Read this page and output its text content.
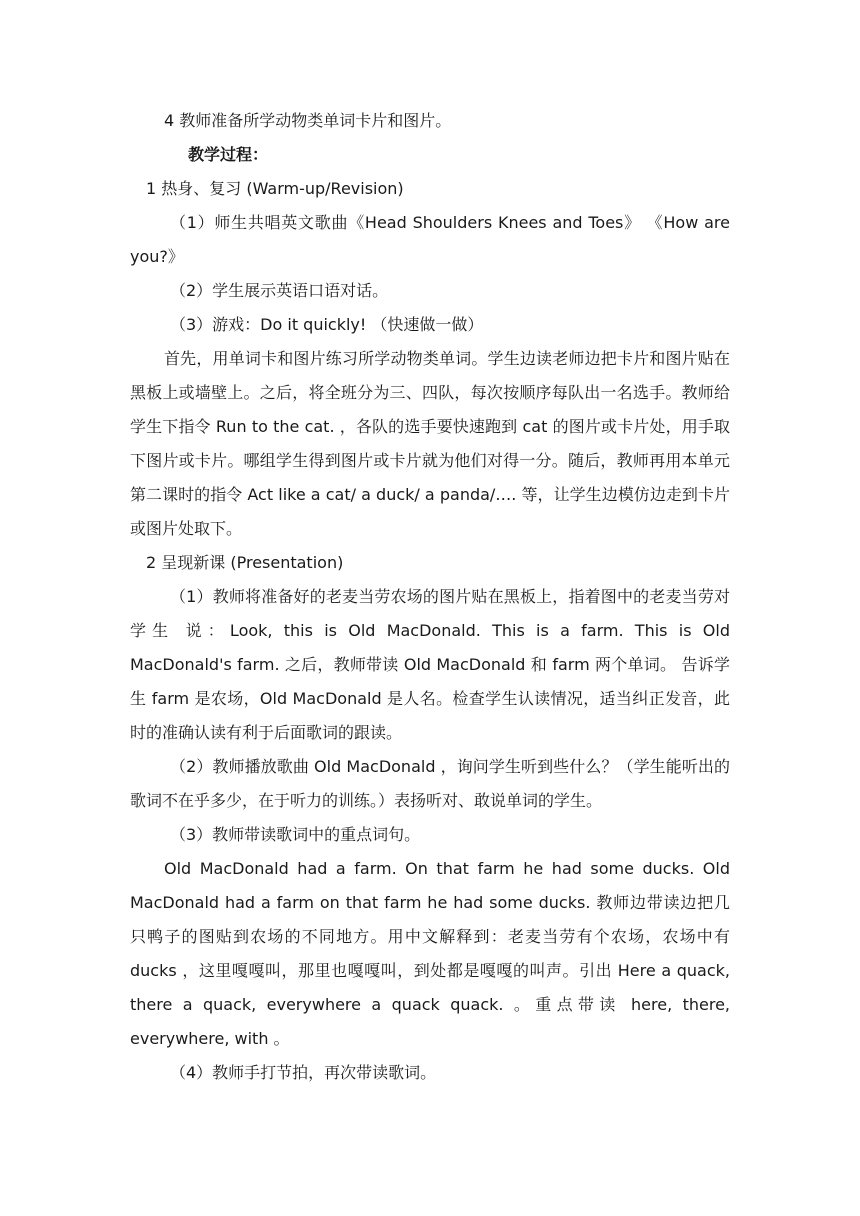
4 教师准备所学动物类单词卡片和图片。

教学过程：

1 热身、复习 (Warm-up/Revision)

（1）师生共唱英文歌曲《Head Shoulders Knees and Toes》 《How are you?》

（2）学生展示英语口语对话。

（3）游戏：Do it quickly! （快速做一做）

首先，用单词卡和图片练习所学动物类单词。学生边读老师边把卡片和图片贴在黑板上或墙壁上。之后，将全班分为三、四队，每次按顺序每队出一名选手。教师给学生下指令 Run to the cat. ，各队的选手要快速跑到 cat 的图片或卡片处，用手取下图片或卡片。哪组学生得到图片或卡片就为他们对得一分。随后，教师再用本单元第二课时的指令 Act like a cat/ a duck/ a panda/…. 等，让学生边模仿边走到卡片或图片处取下。

2 呈现新课 (Presentation)

（1）教师将准备好的老麦当劳农场的图片贴在黑板上，指着图中的老麦当劳对学生 说：Look, this is Old MacDonald. This is a farm. This is Old MacDonald's farm. 之后，教师带读 Old MacDonald 和 farm 两个单词。 告诉学生 farm 是农场，Old MacDonald 是人名。检查学生认读情况，适当纠正发音，此时的准确认读有利于后面歌词的跟读。

（2）教师播放歌曲 Old MacDonald ，询问学生听到些什么？（学生能听出的歌词不在乎多少，在于听力的训练。）表扬听对、敢说单词的学生。

（3）教师带读歌词中的重点词句。

Old MacDonald had a farm. On that farm he had some ducks. Old MacDonald had a farm on that farm he had some ducks. 教师边带读边把几只鸭子的图贴到农场的不同地方。用中文解释到：老麦当劳有个农场，农场中有 ducks ，这里嘎嘎叫，那里也嘎嘎叫，到处都是嘎嘎的叫声。引出 Here a quack, there a quack, everywhere a quack quack. 。重点带读 here, there, everywhere, with 。

（4）教师手打节拍，再次带读歌词。
